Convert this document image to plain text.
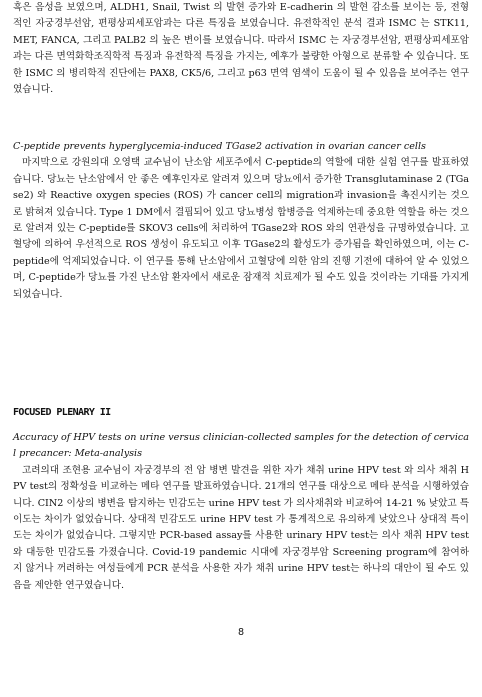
흑은 음성을 보였으며, ALDH1, Snail, Twist 의 발현 증가와 E-cadherin 의 발현 감소를 보이는 등, 전형적인 자궁경부선암, 편평상피세포암과는 다른 특징을 보였습니다. 유전학적인 분석 결과 ISMC 는 STK11, MET, FANCA, 그리고 PALB2 의 높은 변이를 보였습니다. 따라서 ISMC 는 자궁경부선암, 편평상피세포암과는 다른 면역화학조직학적 특징과 유전학적 특징을 가지는, 예후가 불량한 아형으로 분류할 수 있습니다. 또한 ISMC 의 병리학적 진단에는 PAX8, CK5/6, 그리고 p63 면역 염색이 도움이 될 수 있음을 보여주는 연구였습니다.

C-peptide prevents hyperglycemia-induced TGase2 activation in ovarian cancer cells

마지막으로 강원의대 오영택 교수님이 난소암 세포주에서 C-peptide의 역할에 대한 실험 연구를 발표하였습니다. 당뇨는 난소암에서 안 좋은 예후인자로 알려져 있으며 당뇨에서 증가한 Transglutaminase 2 (TGase2) 와 Reactive oxygen species (ROS) 가 cancer cell의 migration과 invasion을 촉진시키는 것으로 밝혀져 있습니다. Type 1 DM에서 결핍되어 있고 당뇨병성 합병증을 억제하는데 중요한 역할을 하는 것으로 알려져 있는 C-peptide를 SKOV3 cells에 처리하여 TGase2와 ROS 와의 연관성을 규명하였습니다. 고혈당에 의하여 우선적으로 ROS 생성이 유도되고 이후 TGase2의 활성도가 증가됨을 확인하였으며, 이는 C-peptide에 억제되었습니다. 이 연구를 통해 난소암에서 고혈당에 의한 암의 진행 기전에 대하여 알 수 있었으며, C-peptide가 당뇨를 가진 난소암 환자에서 새로운 잠재적 치료제가 될 수도 있을 것이라는 기대를 가지게 되었습니다.

FOCUSED PLENARY II

Accuracy of HPV tests on urine versus clinician-collected samples for the detection of cervical precancer: Meta-analysis

고려의대 조현용 교수님이 자궁경부의 전 암 병변 발견을 위한 자가 채취 urine HPV test 와 의사 채취 HPV test의 정확성을 비교하는 메타 연구를 발표하였습니다. 21개의 연구를 대상으로 메타 분석을 시행하였습니다. CIN2 이상의 병변을 탐지하는 민감도는 urine HPV test 가 의사채취와 비교하여 14-21 % 낮았고 특이도는 차이가 없었습니다. 상대적 민감도도 urine HPV test 가 통계적으로 유의하게 낮았으나 상대적 특이도는 차이가 없었습니다. 그렇지만 PCR-based assay를 사용한 urinary HPV test는 의사 채취 HPV test 와 대등한 민감도를 가졌습니다. Covid-19 pandemic 시대에 자궁경부암 Screening program에 참여하지 않거나 꺼려하는 여성들에게 PCR 분석을 사용한 자가 채취 urine HPV test는 하나의 대안이 될 수도 있음을 제안한 연구였습니다.

8
